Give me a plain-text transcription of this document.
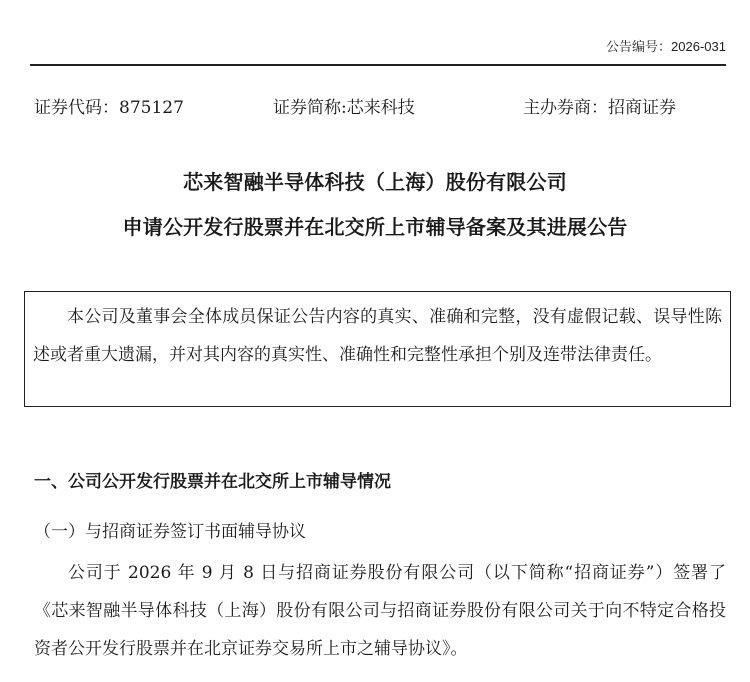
公告编号：2026-031
证券代码：875127	证券简称:芯来科技	主办券商：招商证券
芯来智融半导体科技（上海）股份有限公司
申请公开发行股票并在北交所上市辅导备案及其进展公告
本公司及董事会全体成员保证公告内容的真实、准确和完整，没有虚假记载、误导性陈述或者重大遗漏，并对其内容的真实性、准确性和完整性承担个别及连带法律责任。
一、公司公开发行股票并在北交所上市辅导情况
（一）与招商证券签订书面辅导协议
公司于 2026 年 9 月 8 日与招商证券股份有限公司（以下简称“招商证券”）签署了《芯来智融半导体科技（上海）股份有限公司与招商证券股份有限公司关于向不特定合格投资者公开发行股票并在北京证券交易所上市之辅导协议》。
